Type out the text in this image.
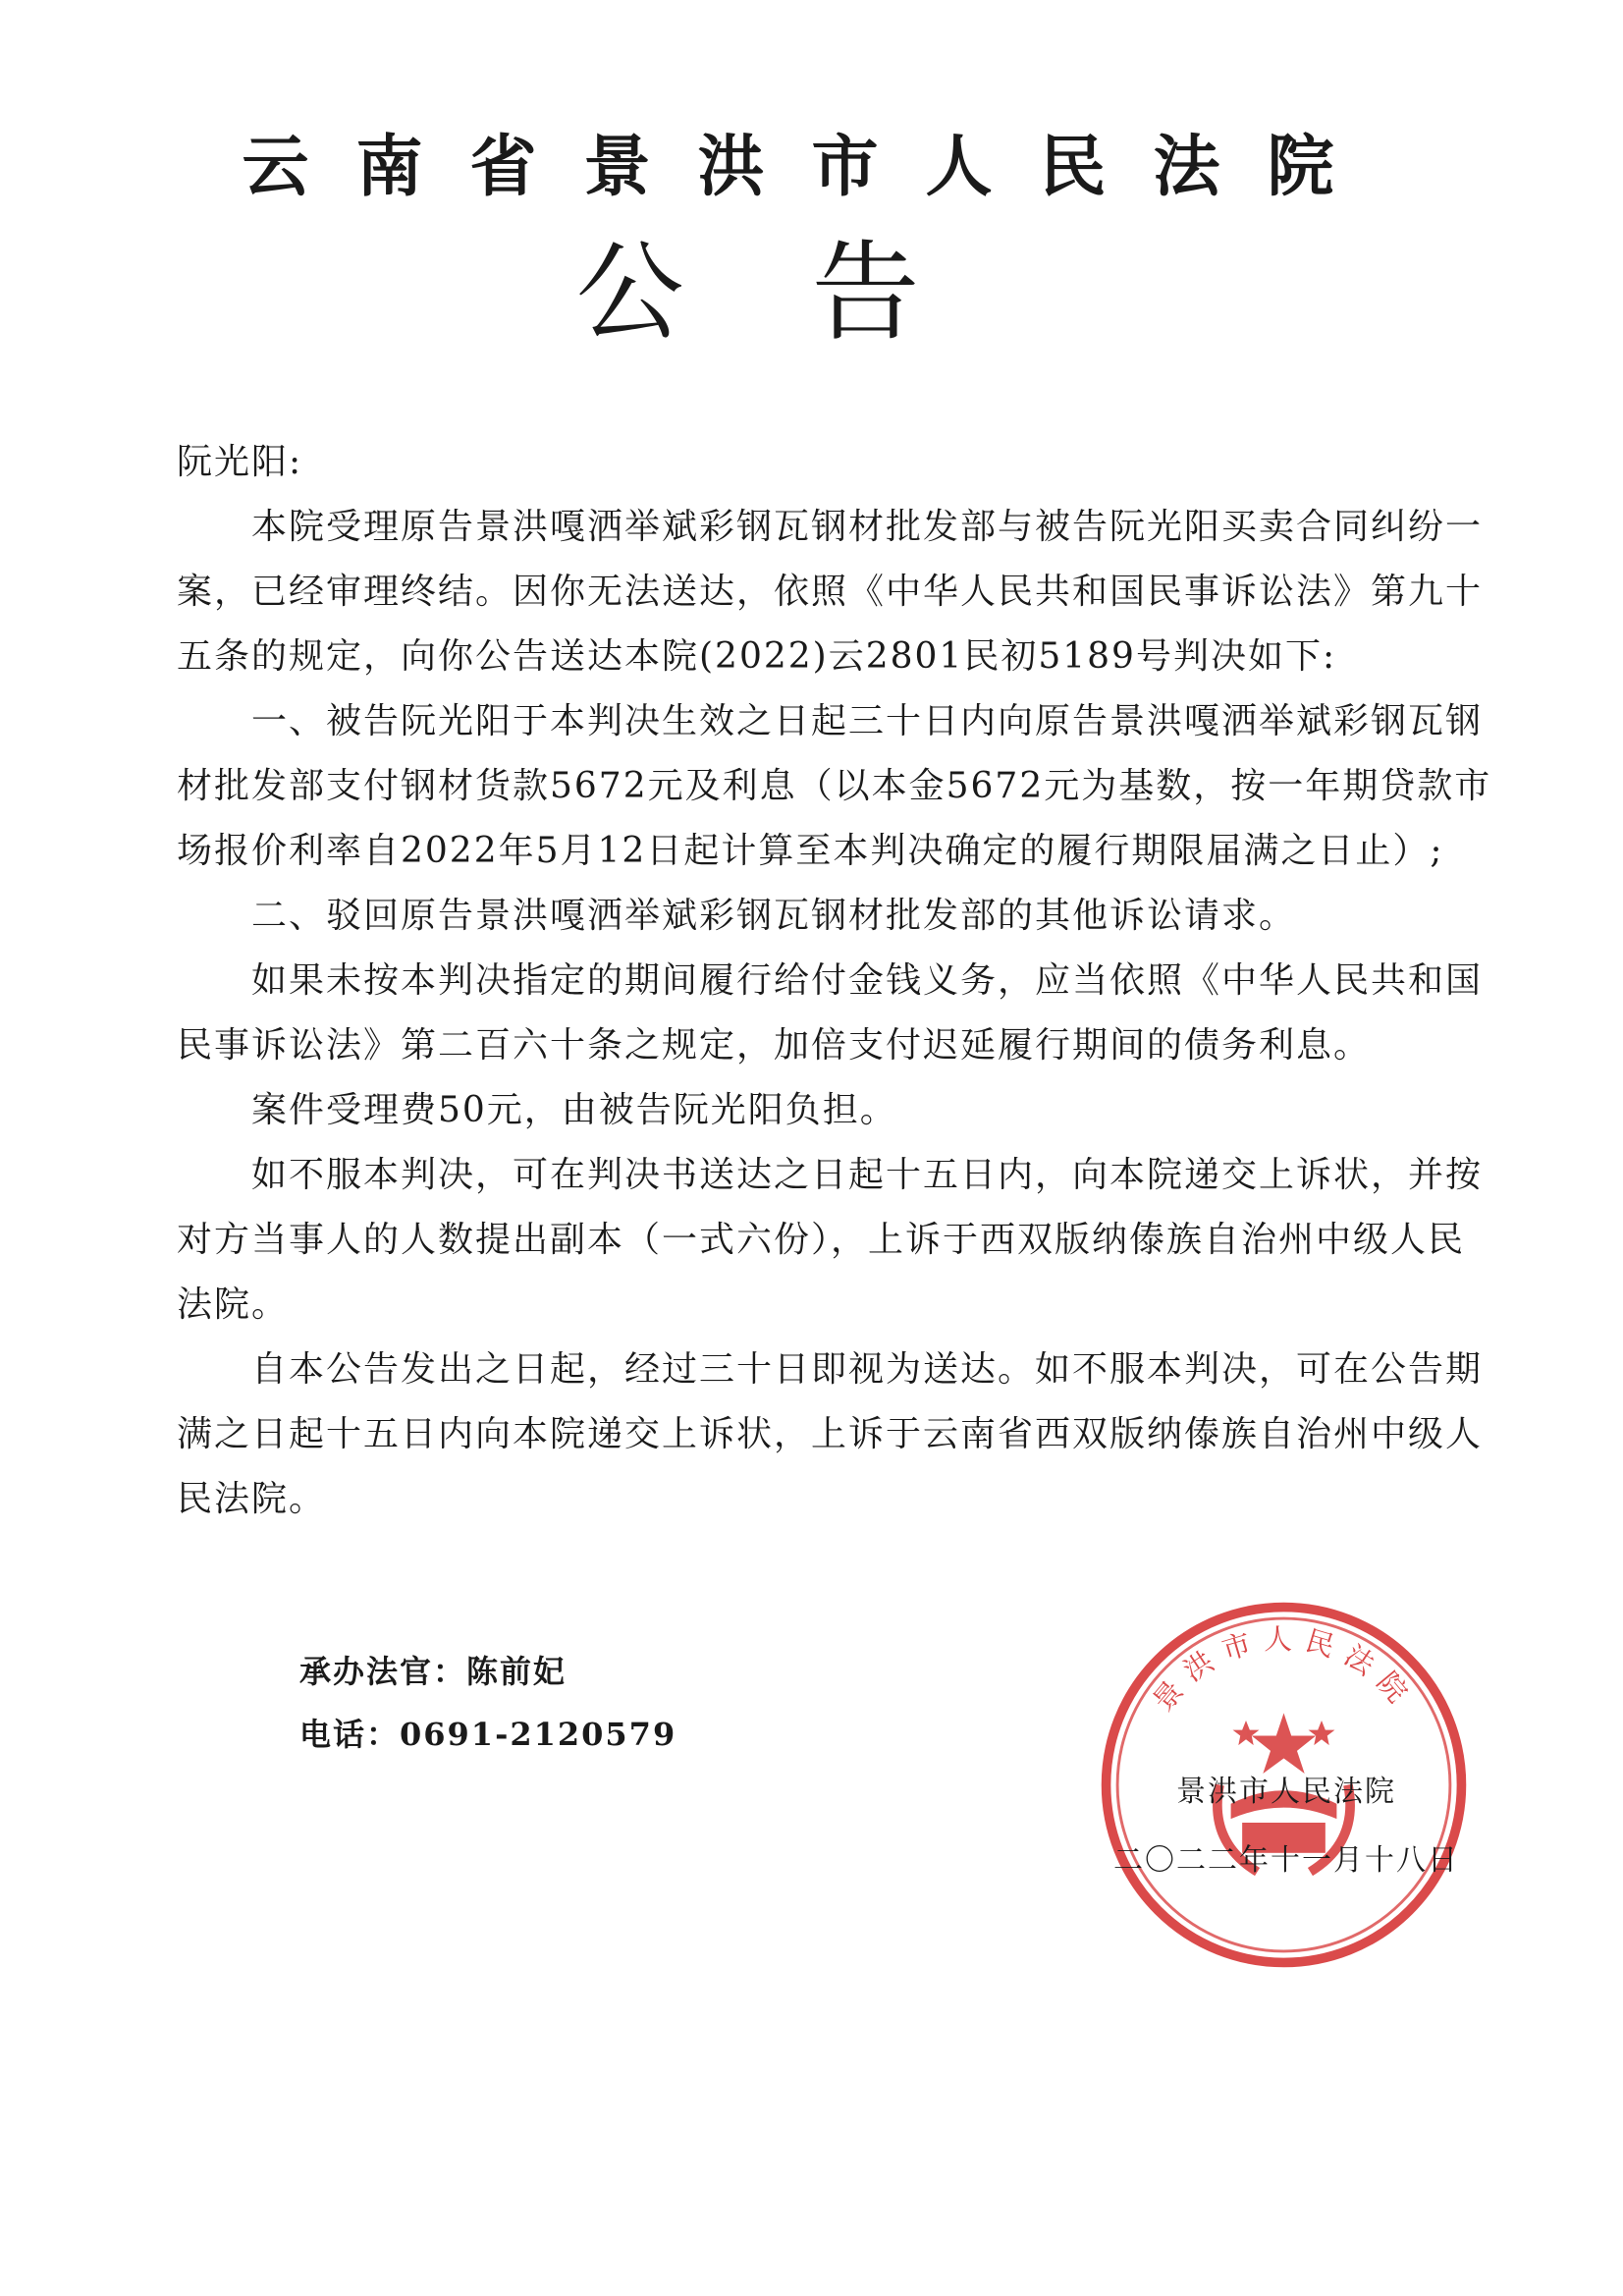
云南省景洪市人民法院
公告

阮光阳:

本院受理原告景洪嘎洒举斌彩钢瓦钢材批发部与被告阮光阳买卖合同纠纷一案，已经审理终结。因你无法送达，依照《中华人民共和国民事诉讼法》第九十五条的规定，向你公告送达本院(2022)云2801民初5189号判决如下:

一、被告阮光阳于本判决生效之日起三十日内向原告景洪嘎洒举斌彩钢瓦钢材批发部支付钢材货款5672元及利息（以本金5672元为基数，按一年期贷款市场报价利率自2022年5月12日起计算至本判决确定的履行期限届满之日止）;

二、驳回原告景洪嘎洒举斌彩钢瓦钢材批发部的其他诉讼请求。

如果未按本判决指定的期间履行给付金钱义务，应当依照《中华人民共和国民事诉讼法》第二百六十条之规定，加倍支付迟延履行期间的债务利息。

案件受理费50元，由被告阮光阳负担。

如不服本判决，可在判决书送达之日起十五日内，向本院递交上诉状，并按对方当事人的人数提出副本（一式六份），上诉于西双版纳傣族自治州中级人民法院。

自本公告发出之日起，经过三十日即视为送达。如不服本判决，可在公告期满之日起十五日内向本院递交上诉状，上诉于云南省西双版纳傣族自治州中级人民法院。

承办法官：陈前妃
电话：0691-2120579
景洪市人民法院
景洪市人民法院
二〇二二年十一月十八日
